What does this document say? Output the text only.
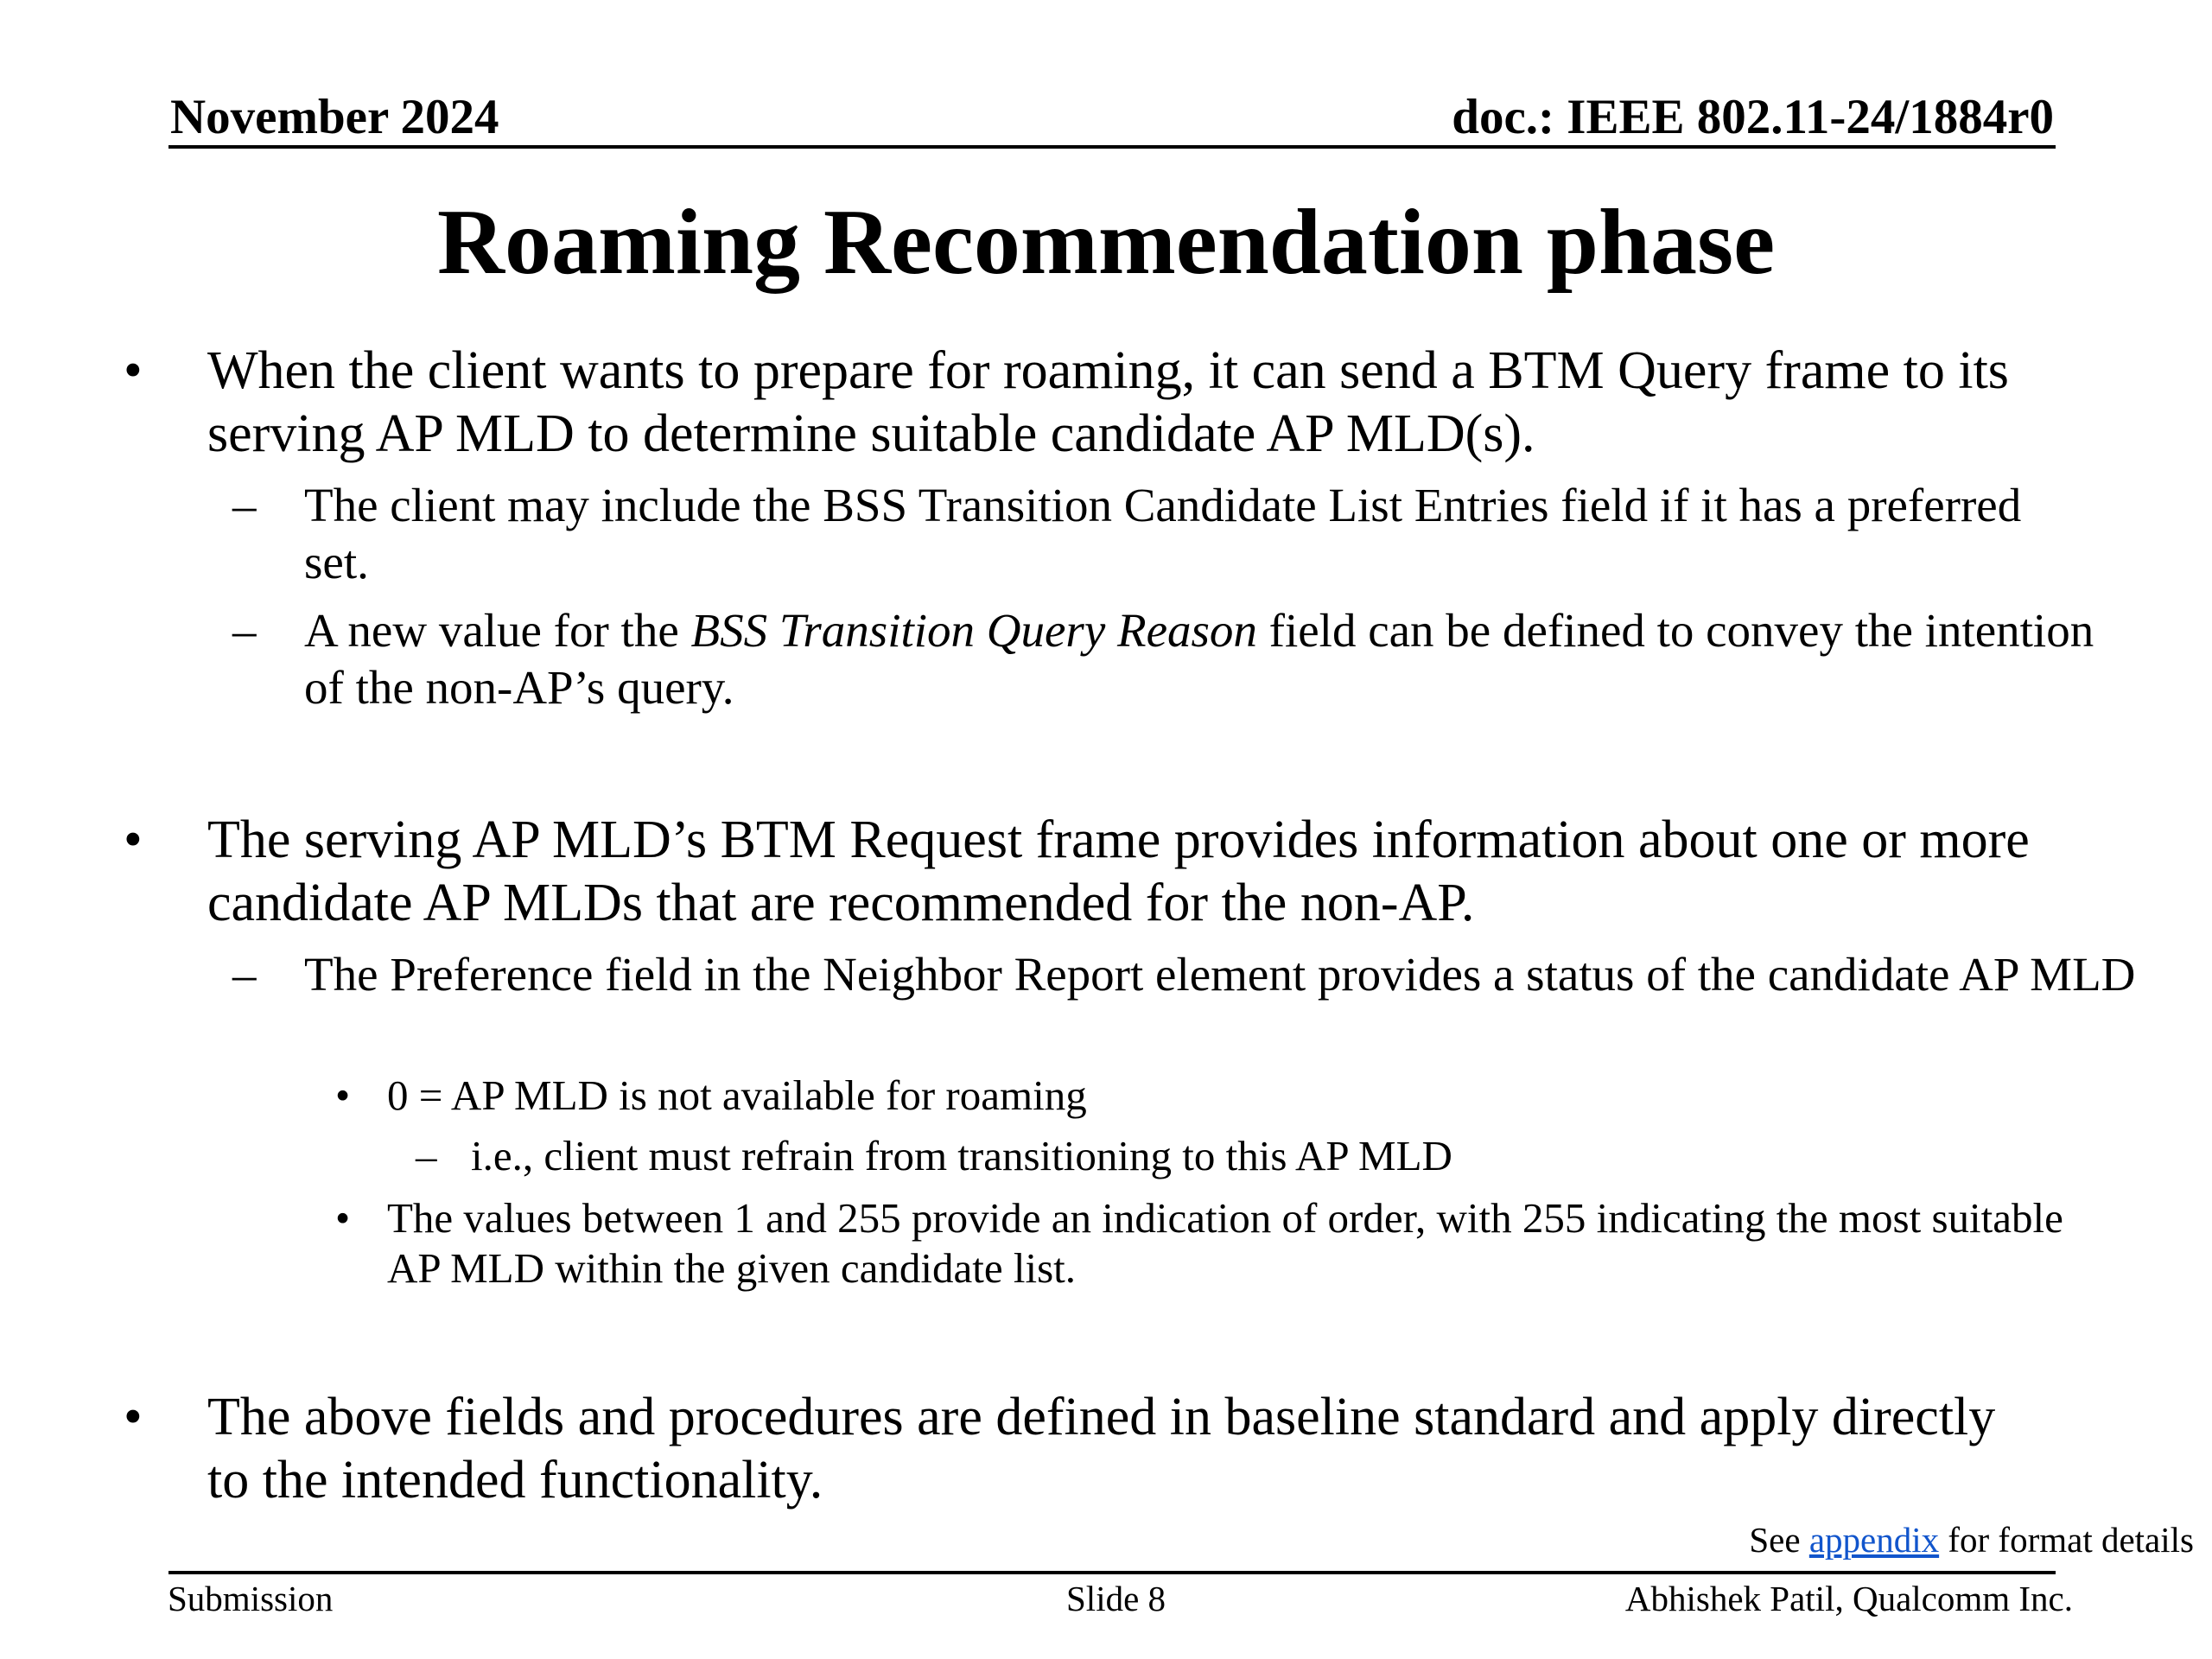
November 2024	doc.: IEEE 802.11-24/1884r0
Roaming Recommendation phase
• When the client wants to prepare for roaming, it can send a BTM Query frame to its serving AP MLD to determine suitable candidate AP MLD(s).
– The client may include the BSS Transition Candidate List Entries field if it has a preferred set.
– A new value for the BSS Transition Query Reason field can be defined to convey the intention of the non-AP’s query.
• The serving AP MLD’s BTM Request frame provides information about one or more candidate AP MLDs that are recommended for the non-AP.
– The Preference field in the Neighbor Report element provides a status of the candidate AP MLD
• 0 = AP MLD is not available for roaming
– i.e., client must refrain from transitioning to this AP MLD
• The values between 1 and 255 provide an indication of order, with 255 indicating the most suitable AP MLD within the given candidate list.
• The above fields and procedures are defined in baseline standard and apply directly to the intended functionality.
See appendix for format details
Submission	Slide 8	Abhishek Patil, Qualcomm Inc.
